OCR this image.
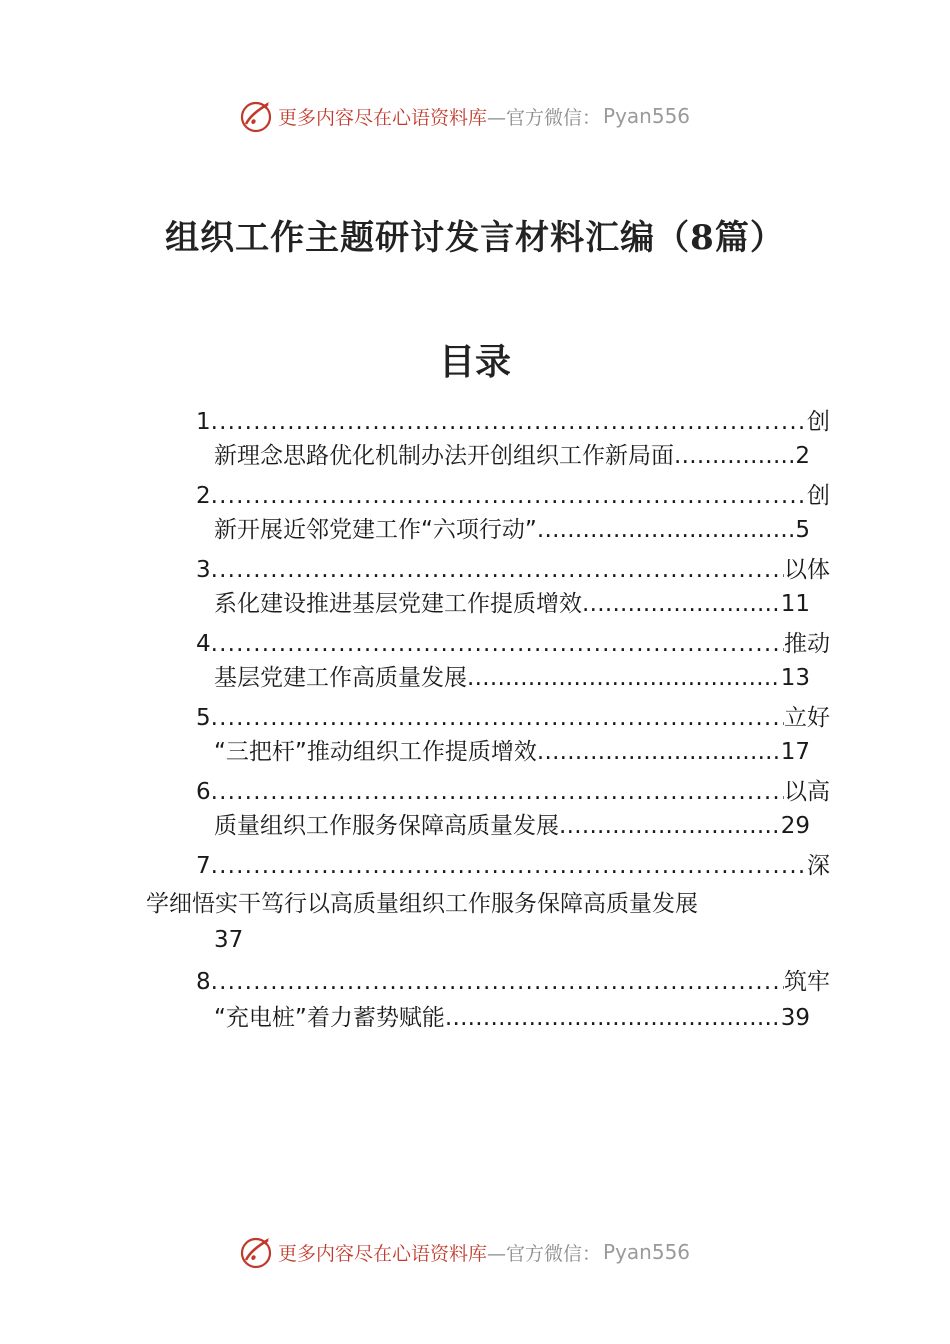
更多内容尽在心语资料库 —官方微信： Pyan556
组织工作主题研讨发言材料汇编（8篇）
目录
1 .....	创
新理念思路优化机制办法开创组织工作新局面 .....	2
2 .....	创
新开展近邻党建工作“六项行动” .....	5
3 .....	以体
系化建设推进基层党建工作提质增效 .....	11
4 .....	推动
基层党建工作高质量发展 .....	13
5 .....	立好
“三把杆”推动组织工作提质增效 .....	17
6 .....	以高
质量组织工作服务保障高质量发展 .....	29
7 .....	深
学细悟实干笃行以高质量组织工作服务保障高质量发展
37
8 .....	筑牢
“充电桩”着力蓄势赋能 .....	39
更多内容尽在心语资料库 —官方微信： Pyan556
